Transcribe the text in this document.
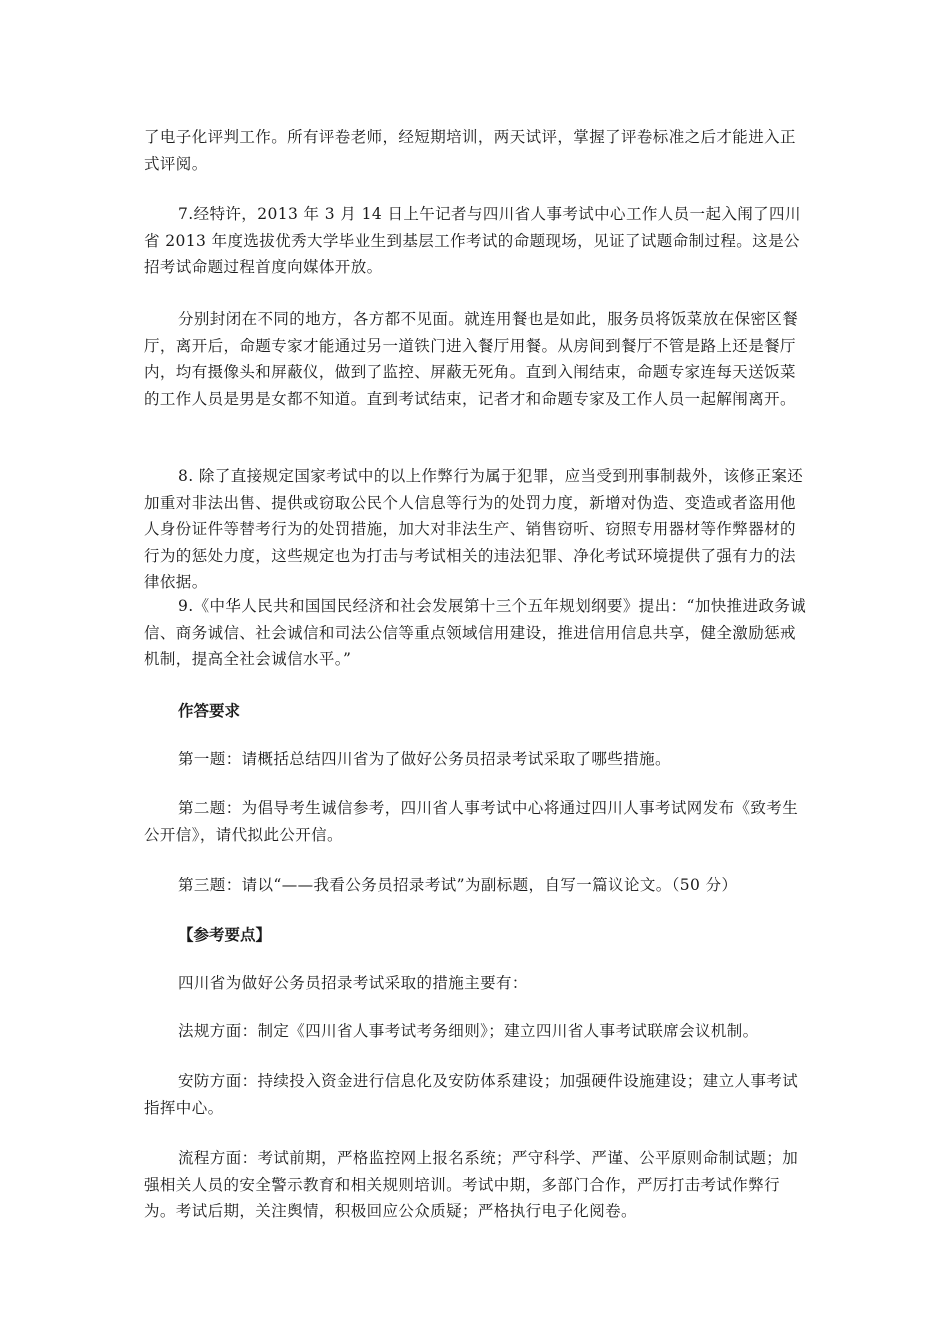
了电子化评判工作。所有评卷老师，经短期培训，两天试评，掌握了评卷标准之后才能进入正式评阅。

7.经特许，2013 年 3 月 14 日上午记者与四川省人事考试中心工作人员一起入闱了四川省 2013 年度选拔优秀大学毕业生到基层工作考试的命题现场，见证了试题命制过程。这是公招考试命题过程首度向媒体开放。

分别封闭在不同的地方，各方都不见面。就连用餐也是如此，服务员将饭菜放在保密区餐厅，离开后，命题专家才能通过另一道铁门进入餐厅用餐。从房间到餐厅不管是路上还是餐厅内，均有摄像头和屏蔽仪，做到了监控、屏蔽无死角。直到入闱结束，命题专家连每天送饭菜的工作人员是男是女都不知道。直到考试结束，记者才和命题专家及工作人员一起解闱离开。

8. 除了直接规定国家考试中的以上作弊行为属于犯罪，应当受到刑事制裁外，该修正案还加重对非法出售、提供或窃取公民个人信息等行为的处罚力度，新增对伪造、变造或者盗用他人身份证件等替考行为的处罚措施，加大对非法生产、销售窃听、窃照专用器材等作弊器材的行为的惩处力度，这些规定也为打击与考试相关的违法犯罪、净化考试环境提供了强有力的法律依据。

9.《中华人民共和国国民经济和社会发展第十三个五年规划纲要》提出：“加快推进政务诚信、商务诚信、社会诚信和司法公信等重点领域信用建设，推进信用信息共享，健全激励惩戒机制，提高全社会诚信水平。”

作答要求

第一题：请概括总结四川省为了做好公务员招录考试采取了哪些措施。

第二题：为倡导考生诚信参考，四川省人事考试中心将通过四川人事考试网发布《致考生公开信》，请代拟此公开信。

第三题：请以“——我看公务员招录考试”为副标题，自写一篇议论文。（50 分）

【参考要点】

四川省为做好公务员招录考试采取的措施主要有：

法规方面：制定《四川省人事考试考务细则》；建立四川省人事考试联席会议机制。

安防方面：持续投入资金进行信息化及安防体系建设；加强硬件设施建设；建立人事考试指挥中心。

流程方面：考试前期，严格监控网上报名系统；严守科学、严谨、公平原则命制试题；加强相关人员的安全警示教育和相关规则培训。考试中期，多部门合作，严厉打击考试作弊行为。考试后期，关注舆情，积极回应公众质疑；严格执行电子化阅卷。
